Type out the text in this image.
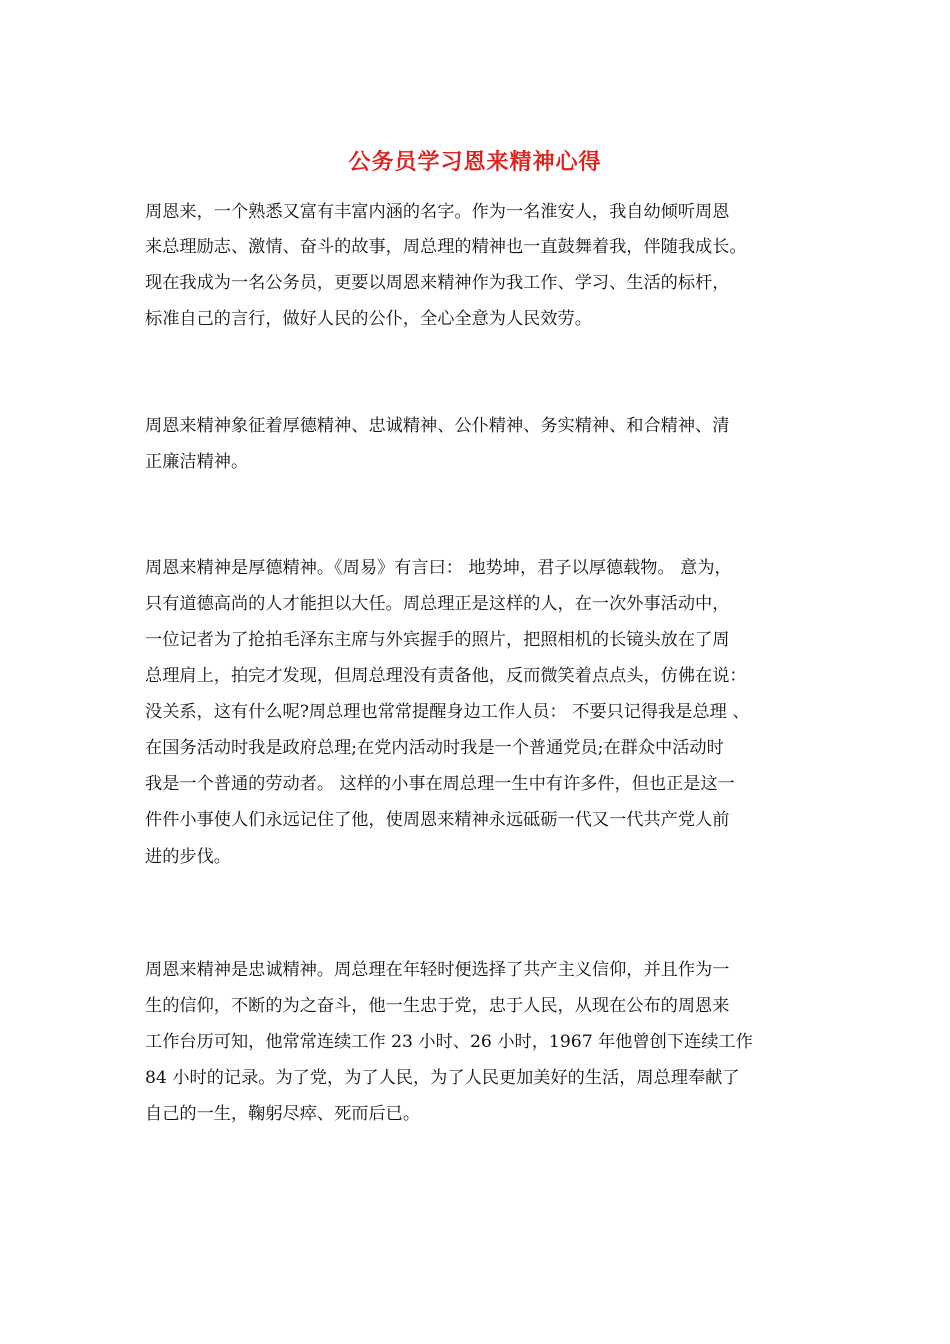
公务员学习恩来精神心得
周恩来，一个熟悉又富有丰富内涵的名字。作为一名淮安人，我自幼倾听周恩
来总理励志、激情、奋斗的故事，周总理的精神也一直鼓舞着我，伴随我成长。
现在我成为一名公务员，更要以周恩来精神作为我工作、学习、生活的标杆，
标准自己的言行，做好人民的公仆，全心全意为人民效劳。
周恩来精神象征着厚德精神、忠诚精神、公仆精神、务实精神、和合精神、清
正廉洁精神。
周恩来精神是厚德精神。《周易》有言曰： 地势坤，君子以厚德载物。 意为，
只有道德高尚的人才能担以大任。周总理正是这样的人，在一次外事活动中，
一位记者为了抢拍毛泽东主席与外宾握手的照片，把照相机的长镜头放在了周
总理肩上，拍完才发现，但周总理没有责备他，反而微笑着点点头，仿佛在说：
没关系，这有什么呢?周总理也常常提醒身边工作人员： 不要只记得我是总理 、
在国务活动时我是政府总理;在党内活动时我是一个普通党员;在群众中活动时
我是一个普通的劳动者。 这样的小事在周总理一生中有许多件，但也正是这一
件件小事使人们永远记住了他，使周恩来精神永远砥砺一代又一代共产党人前
进的步伐。
周恩来精神是忠诚精神。周总理在年轻时便选择了共产主义信仰，并且作为一
生的信仰，不断的为之奋斗，他一生忠于党，忠于人民，从现在公布的周恩来
工作台历可知，他常常连续工作 23 小时、26 小时，1967 年他曾创下连续工作
84 小时的记录。为了党，为了人民，为了人民更加美好的生活，周总理奉献了
自己的一生，鞠躬尽瘁、死而后已。
